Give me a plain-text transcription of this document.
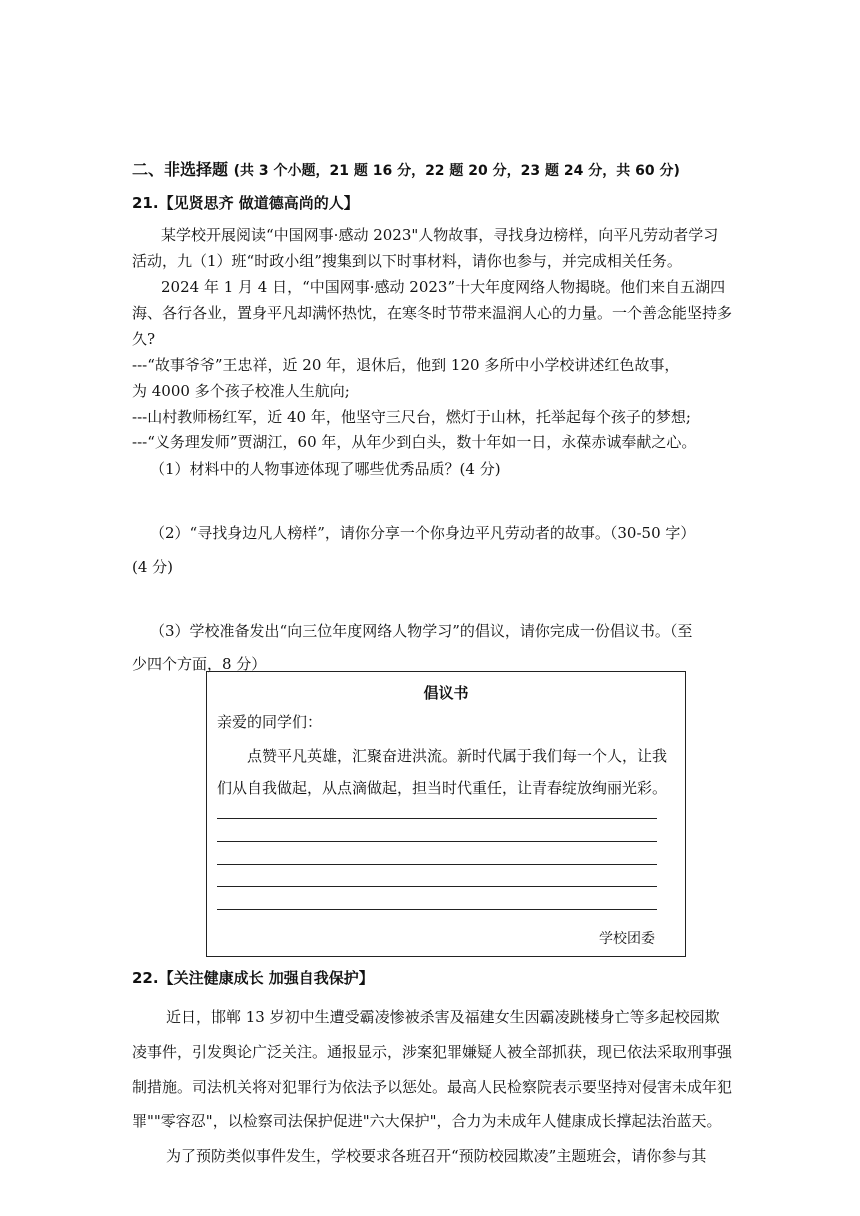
二、非选择题 (共 3 个小题，21 题 16 分，22 题 20 分，23 题 24 分，共 60 分)
21.【见贤思齐 做道德高尚的人】
某学校开展阅读“中国网事·感动 2023"人物故事，寻找身边榜样，向平凡劳动者学习
活动，九（1）班“时政小组”搜集到以下时事材料，请你也参与，并完成相关任务。
2024 年 1 月 4 日，“中国网事·感动 2023”十大年度网络人物揭晓。他们来自五湖四
海、各行各业，置身平凡却满怀热忱，在寒冬时节带来温润人心的力量。一个善念能坚持多
久?
---“故事爷爷”王忠祥，近 20 年，退休后，他到 120 多所中小学校讲述红色故事，
为 4000 多个孩子校准人生航向;
---山村教师杨红军，近 40 年，他坚守三尺台，燃灯于山林，托举起每个孩子的梦想;
---“义务理发师”贾湖江，60 年，从年少到白头，数十年如一日，永葆赤诚奉献之心。
（1）材料中的人物事迹体现了哪些优秀品质？(4 分)
（2）“寻找身边凡人榜样”，请你分享一个你身边平凡劳动者的故事。（30-50 字）
(4 分)
（3）学校准备发出“向三位年度网络人物学习”的倡议，请你完成一份倡议书。（至
少四个方面，8 分）
倡议书
亲爱的同学们：
点赞平凡英雄，汇聚奋进洪流。新时代属于我们每一个人，让我
们从自我做起，从点滴做起，担当时代重任，让青春绽放绚丽光彩。
学校团委
22.【关注健康成长 加强自我保护】
近日，邯郸 13 岁初中生遭受霸凌惨被杀害及福建女生因霸凌跳楼身亡等多起校园欺
凌事件，引发舆论广泛关注。通报显示，涉案犯罪嫌疑人被全部抓获，现已依法采取刑事强
制措施。司法机关将对犯罪行为依法予以惩处。最高人民检察院表示要坚持对侵害未成年犯
罪""零容忍"，以检察司法保护促进"六大保护"，合力为未成年人健康成长撑起法治蓝天。
为了预防类似事件发生，学校要求各班召开“预防校园欺凌”主题班会，请你参与其
